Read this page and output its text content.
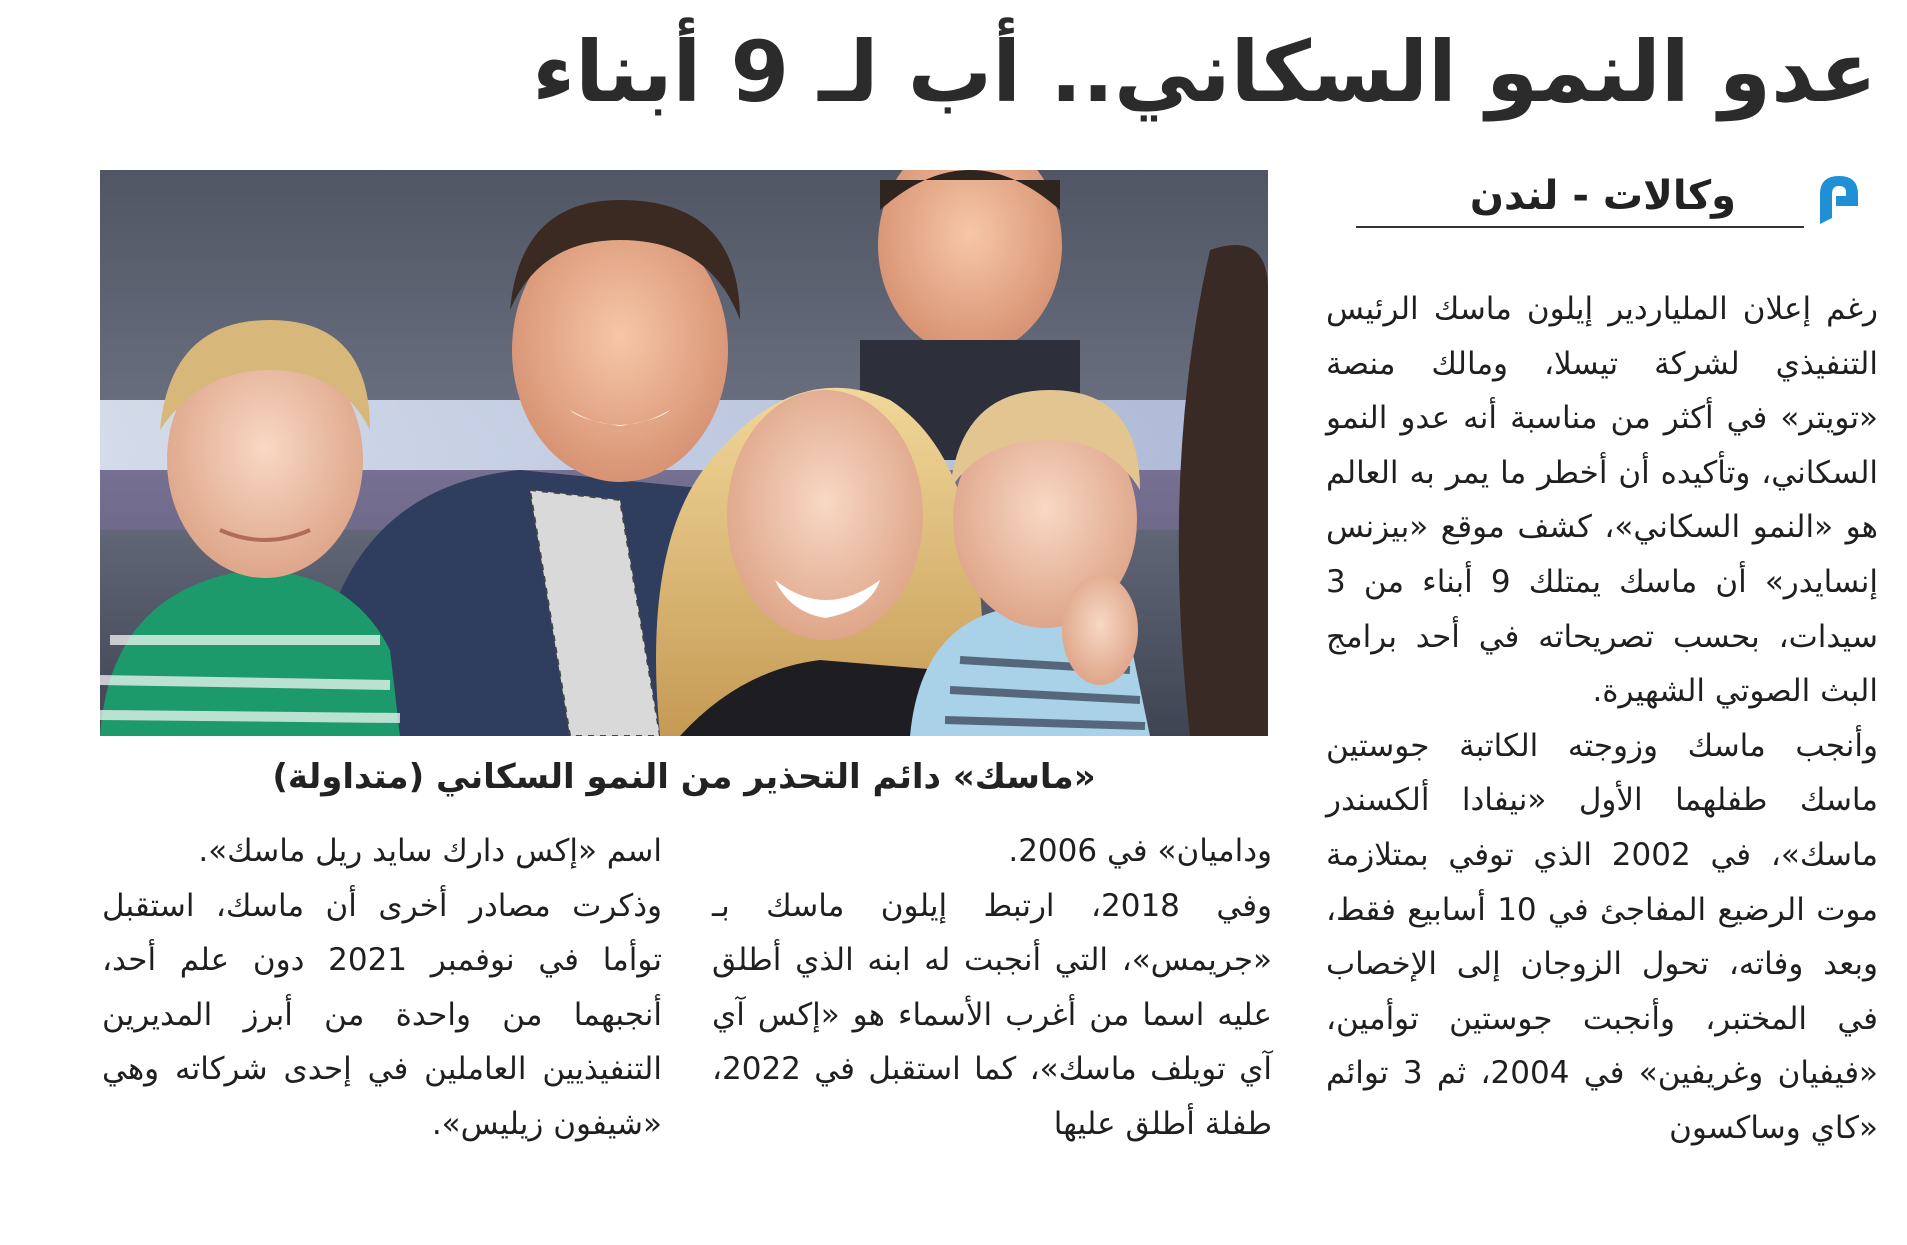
عدو النمو السكاني.. أب لـ 9 أبناء
وكالات - لندن

رغم إعلان الملياردير إيلون ماسك الرئيس التنفيذي لشركة تيسلا، ومالك منصة «تويتر» في أكثر من مناسبة أنه عدو النمو السكاني، وتأكيده أن أخطر ما يمر به العالم هو «النمو السكاني»، كشف موقع «بيزنس إنسايدر» أن ماسك يمتلك 9 أبناء من 3 سيدات، بحسب تصريحاته في أحد برامج البث الصوتي الشهيرة.

وأنجب ماسك وزوجته الكاتبة جوستين ماسك طفلهما الأول «نيفادا ألكسندر ماسك»، في 2002 الذي توفي بمتلازمة موت الرضيع المفاجئ في 10 أسابيع فقط، وبعد وفاته، تحول الزوجان إلى الإخصاب في المختبر، وأنجبت جوستين توأمين، «فيفيان وغريفين» في 2004، ثم 3 توائم «كاي وساكسون

«ماسك» دائم التحذير من النمو السكاني (متداولة)

وداميان» في 2006.

وفي 2018، ارتبط إيلون ماسك بـ «جريمس»، التي أنجبت له ابنه الذي أطلق عليه اسما من أغرب الأسماء هو «إكس آي آي تويلف ماسك»، كما استقبل في 2022، طفلة أطلق عليها

اسم «إكس دارك سايد ريل ماسك».

وذكرت مصادر أخرى أن ماسك، استقبل توأما في نوفمبر 2021 دون علم أحد، أنجبهما من واحدة من أبرز المديرين التنفيذيين العاملين في إحدى شركاته وهي «شيفون زيليس».
